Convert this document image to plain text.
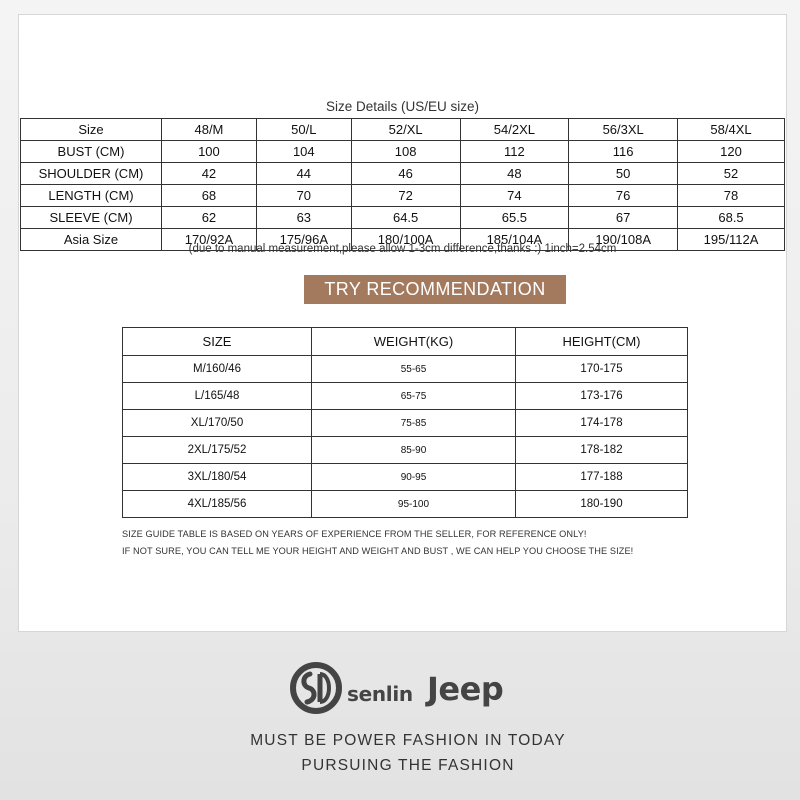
Size Details (US/EU size)
Size	48/M	50/L	52/XL	54/2XL	56/3XL	58/4XL
BUST (CM)	100	104	108	112	116	120
SHOULDER (CM)	42	44	46	48	50	52
LENGTH (CM)	68	70	72	74	76	78
SLEEVE (CM)	62	63	64.5	65.5	67	68.5
Asia Size	170/92A	175/96A	180/100A	185/104A	190/108A	195/112A
(due to manual measurement,please allow 1-3cm difference,thanks :) 1inch=2.54cm
TRY RECOMMENDATION
SIZE	WEIGHT(KG)	HEIGHT(CM)
M/160/46	55-65	170-175
L/165/48	65-75	173-176
XL/170/50	75-85	174-178
2XL/175/52	85-90	178-182
3XL/180/54	90-95	177-188
4XL/185/56	95-100	180-190
SIZE GUIDE TABLE IS BASED ON YEARS OF EXPERIENCE FROM THE SELLER, FOR REFERENCE ONLY!
IF NOT SURE, YOU CAN TELL ME YOUR HEIGHT AND WEIGHT AND BUST , WE CAN HELP YOU CHOOSE THE SIZE!
senlin Jeep
MUST BE POWER FASHION IN TODAY
PURSUING THE FASHION
